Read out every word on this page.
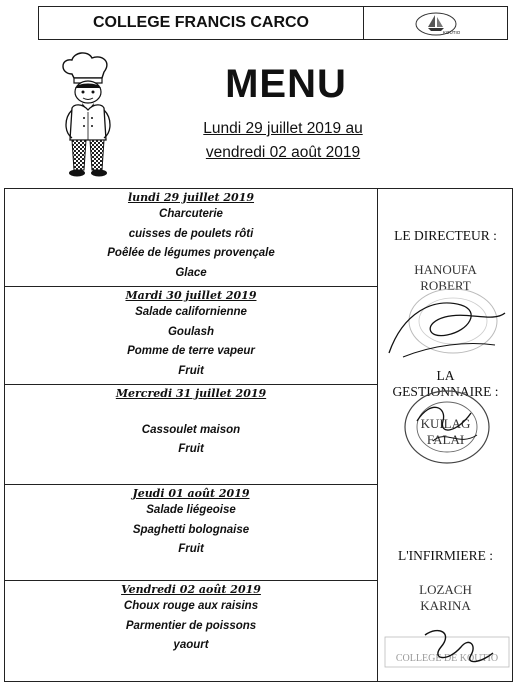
COLLEGE FRANCIS CARCO
KOUTIO
MENU
Lundi 29 juillet 2019 au
vendredi 02 août 2019
lundi 29 juillet 2019
Charcuterie
cuisses de poulets rôti
Poêlée de légumes provençale
Glace
Mardi 30 juillet 2019
Salade californienne
Goulash
Pomme de terre vapeur
Fruit
Mercredi 31 juillet 2019
Cassoulet maison
Fruit
Jeudi 01 août 2019
Salade liégeoise
Spaghetti bolognaise
Fruit
Vendredi 02 août 2019
Choux rouge aux raisins
Parmentier de poissons
yaourt
LE DIRECTEUR :
HANOUFA
ROBERT
LA
GESTIONNAIRE :
KUILAG
FALAI
L'INFIRMIERE :
LOZACH
KARINA
COLLEGE DE KOUTIO
